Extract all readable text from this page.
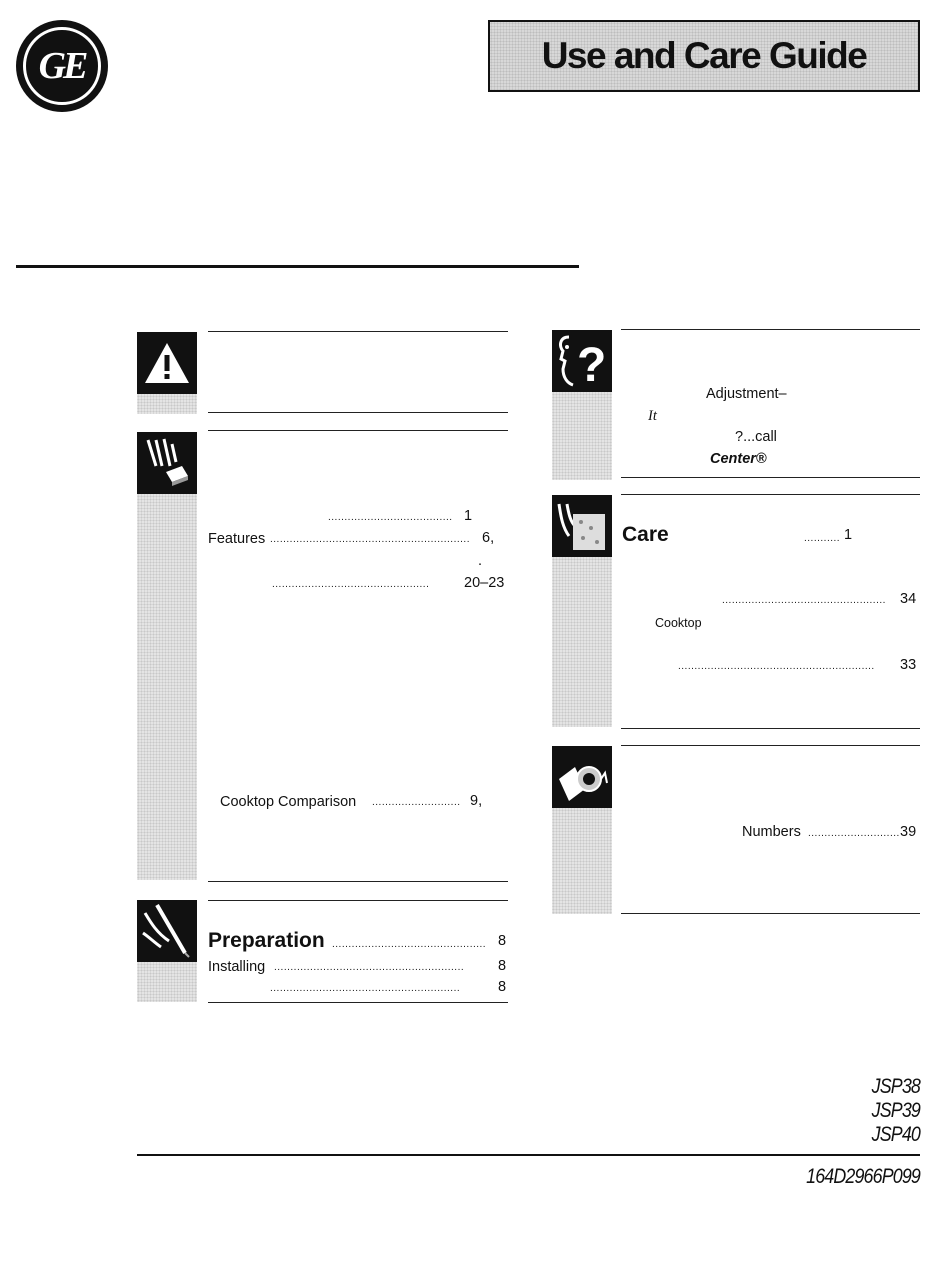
GE	Use and Care Guide
...................................... 1
Features ............................................................. 6,
.
................................................ 20–23
Cooktop Comparison ........................... 9,
Preparation ............................................... 8
Installing .......................................................... 8
..........................................................	8
?
Adjustment–
It
?...call
Center®
Care	........... 1
.................................................. 34
Cooktop
............................................................ 33
Numbers ............................ 39
JSP38
JSP39
JSP40
164D2966P099
